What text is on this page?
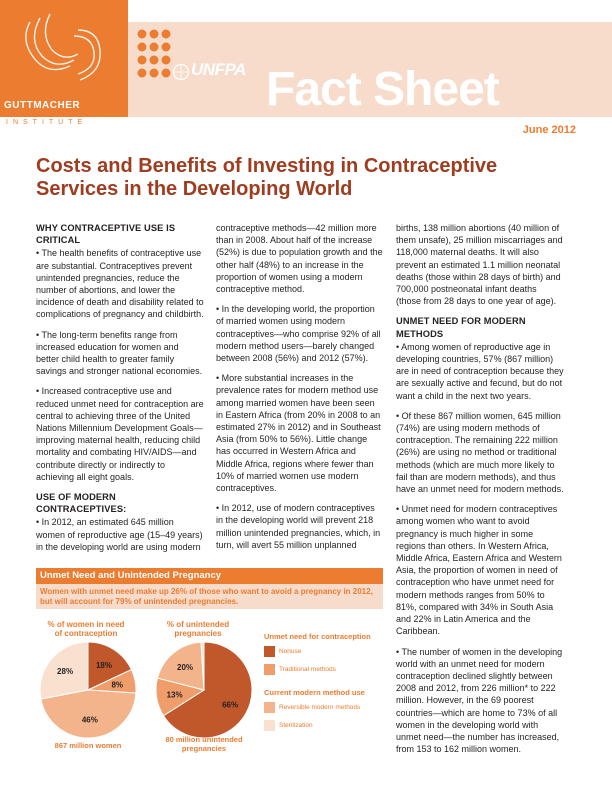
GUTTMACHER
INSTITUTE
UNFPA Fact Sheet
June 2012
Costs and Benefits of Investing in Contraceptive
Services in the Developing World
WHY CONTRACEPTIVE USE IS CRITICAL

• The health benefits of contraceptive use are substantial. Contraceptives prevent unintended pregnancies, reduce the number of abortions, and lower the incidence of death and disability related to complications of pregnancy and childbirth.

• The long-term benefits range from increased education for women and better child health to greater family savings and stronger national economies.

• Increased contraceptive use and reduced unmet need for contraception are central to achieving three of the United Nations Millennium Development Goals—improving maternal health, reducing child mortality and combating HIV/AIDS—and contribute directly or indirectly to achieving all eight goals.

USE OF MODERN CONTRACEPTIVES:

• In 2012, an estimated 645 million women of reproductive age (15–49 years) in the developing world are using modern

contraceptive methods—42 million more than in 2008. About half of the increase (52%) is due to population growth and the other half (48%) to an increase in the proportion of women using a modern contraceptive method.

• In the developing world, the proportion of married women using modern contraceptives—who comprise 92% of all modern method users—barely changed between 2008 (56%) and 2012 (57%).

• More substantial increases in the prevalence rates for modern method use among married women have been seen in Eastern Africa (from 20% in 2008 to an estimated 27% in 2012) and in Southeast Asia (from 50% to 56%). Little change has occurred in Western Africa and Middle Africa, regions where fewer than 10% of married women use modern contraceptives.

• In 2012, use of modern contraceptives in the developing world will prevent 218 million unintended pregnancies, which, in turn, will avert 55 million unplanned

births, 138 million abortions (40 million of them unsafe), 25 million miscarriages and 118,000 maternal deaths. It will also prevent an estimated 1.1 million neonatal deaths (those within 28 days of birth) and 700,000 postneonatal infant deaths (those from 28 days to one year of age).

UNMET NEED FOR MODERN METHODS

• Among women of reproductive age in developing countries, 57% (867 million) are in need of contraception because they are sexually active and fecund, but do not want a child in the next two years.

• Of these 867 million women, 645 million (74%) are using modern methods of contraception. The remaining 222 million (26%) are using no method or traditional methods (which are much more likely to fail than are modern methods), and thus have an unmet need for modern methods.

• Unmet need for modern contraceptives among women who want to avoid pregnancy is much higher in some regions than others. In Western Africa, Middle Africa, Eastern Africa and Western Asia, the proportion of women in need of contraception who have unmet need for modern methods ranges from 50% to 81%, compared with 34% in South Asia and 22% in Latin America and the Caribbean.

• The number of women in the developing world with an unmet need for modern contraception declined slightly between 2008 and 2012, from 226 million* to 222 million. However, in the 69 poorest countries—which are home to 73% of all women in the developing world with unmet need—the number has increased, from 153 to 162 million women.

Unmet Need and Unintended Pregnancy
Women with unmet need make up 26% of those who want to avoid a pregnancy in 2012,
but will account for 79% of unintended pregnancies.
% of women in need
of contraception
% of unintended
pregnancies
18%
8%
46%
28%
66%
13%
20%
867 million women
80 million unintended
pregnancies
Unmet need for contraception
Nonuse
Traditional methods
Current modern method use
Reversible modern methods
Sterilization
